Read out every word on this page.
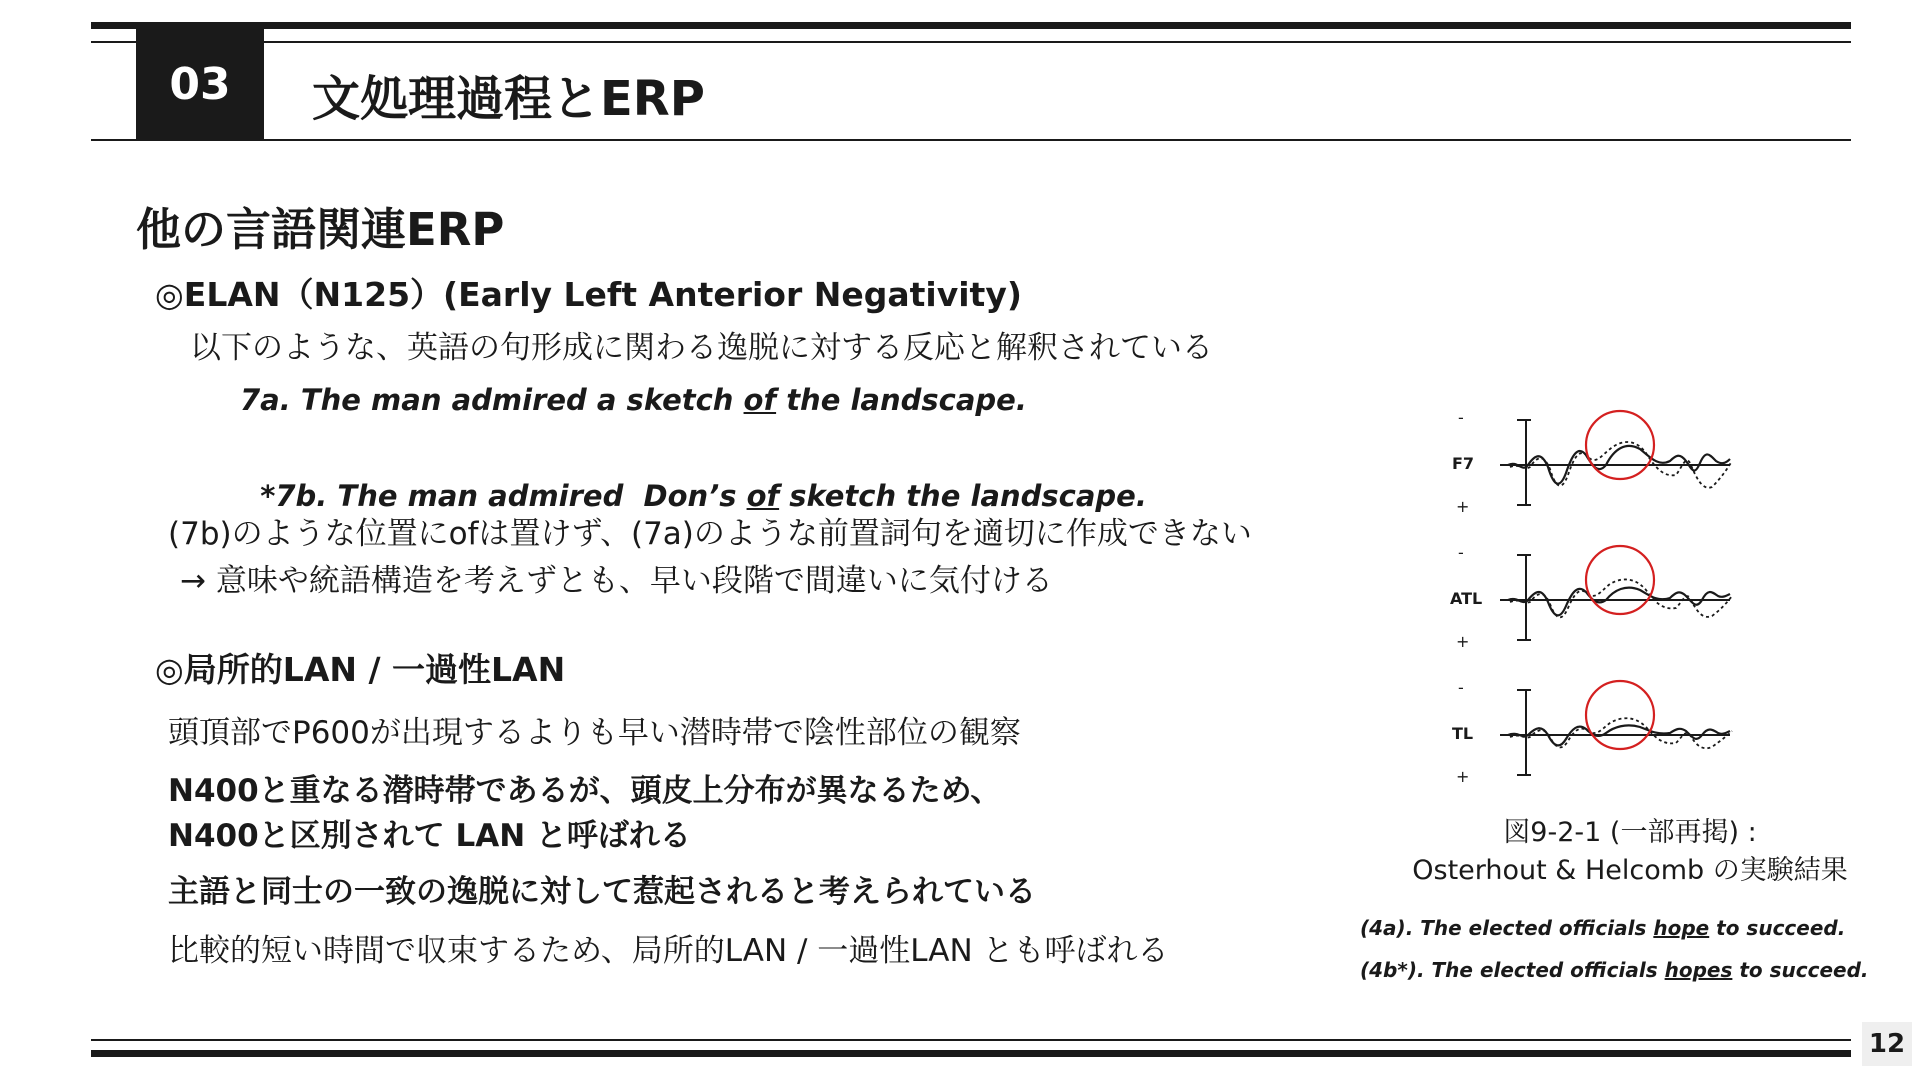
03	文処理過程とERP
他の言語関連ERP
◎ELAN（N125）(Early Left Anterior Negativity)
以下のような、英語の句形成に関わる逸脱に対する反応と解釈されている
7a. The man admired a sketch of the landscape.

*7b. The man admired  Don’s of sketch the landscape.

(7b)のような位置にofは置けず、(7a)のような前置詞句を適切に作成できない
→ 意味や統語構造を考えずとも、早い段階で間違いに気付ける
◎局所的LAN / 一過性LAN
頭頂部でP600が出現するよりも早い潜時帯で陰性部位の観察
N400と重なる潜時帯であるが、頭皮上分布が異なるため、
N400と区別されて LAN と呼ばれる
主語と同士の一致の逸脱に対して惹起されると考えられている
比較的短い時間で収束するため、局所的LAN / 一過性LAN とも呼ばれる
F7
-
+
ATL
-
+
TL
-
+
図9-2-1 (一部再掲) :
Osterhout & Helcomb の実験結果
(4a). The elected officials hope to succeed.
(4b*). The elected officials hopes to succeed.
12
